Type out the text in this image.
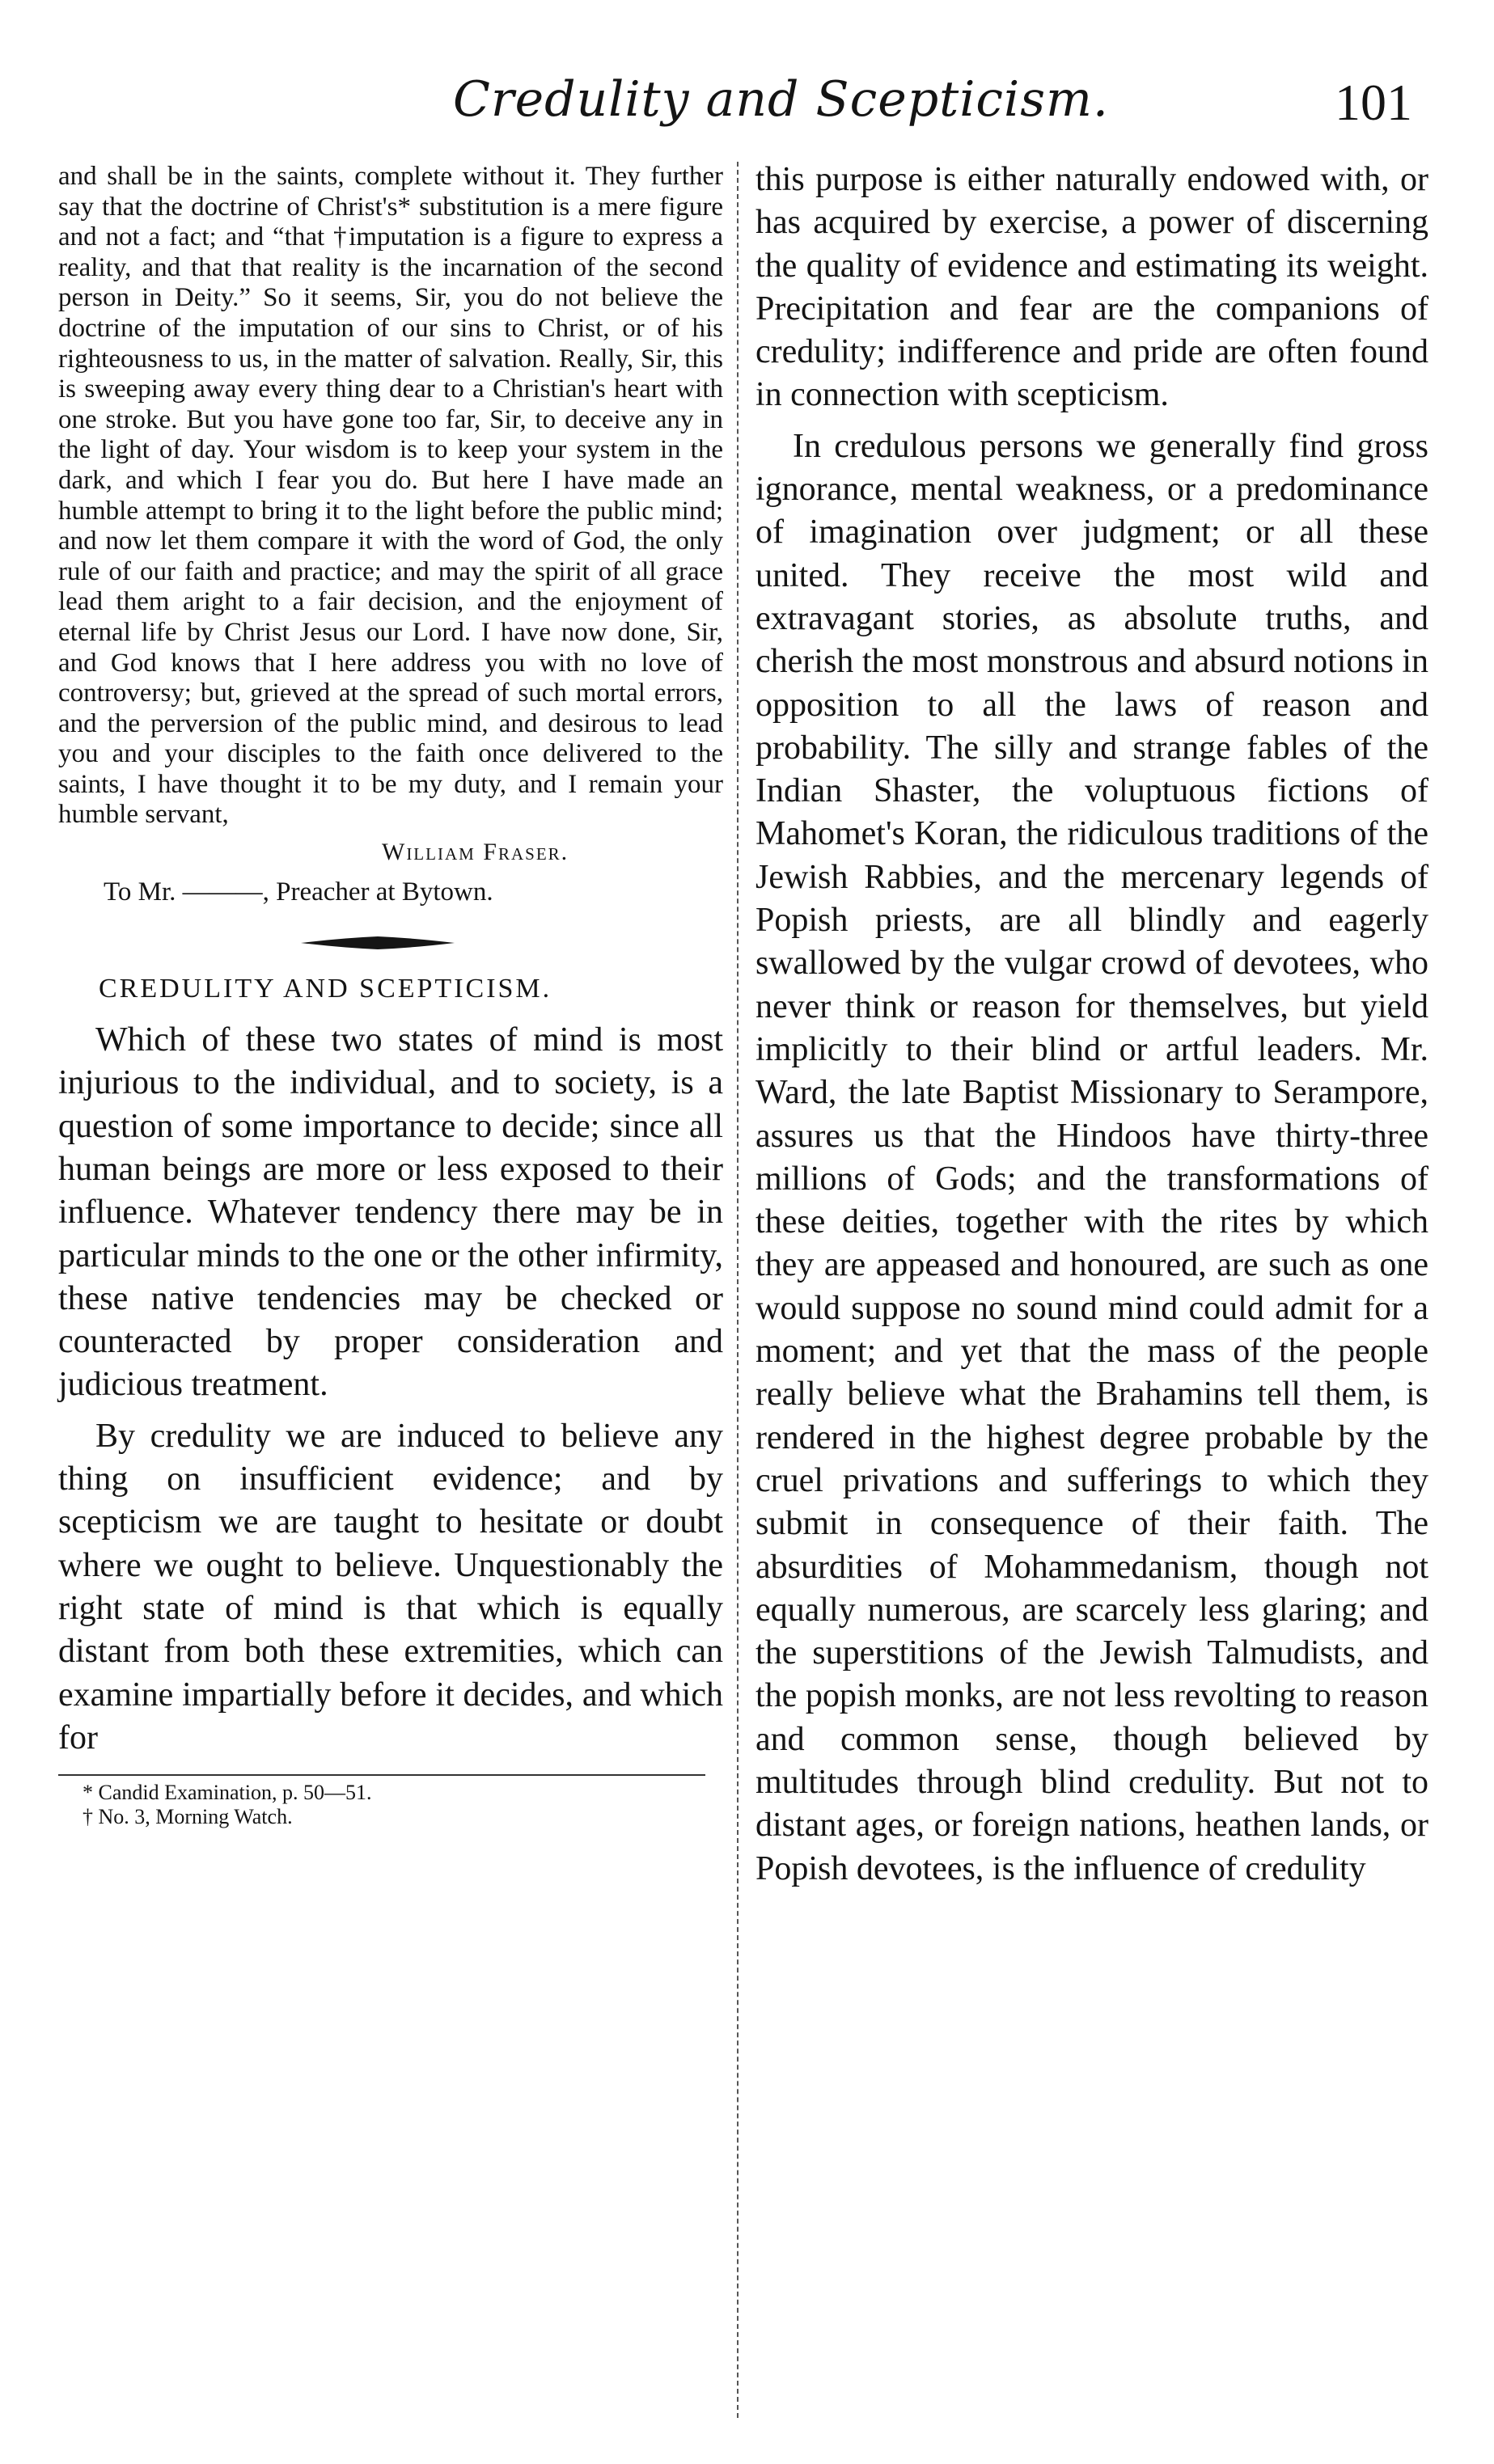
Credulity and Scepticism.	101

and shall be in the saints, complete without it. They further say that the doctrine of Christ's* substitution is a mere figure and not a fact; and “that †imputation is a figure to express a reality, and that that reality is the incarnation of the second person in Deity.” So it seems, Sir, you do not believe the doctrine of the imputation of our sins to Christ, or of his righteousness to us, in the matter of salvation. Really, Sir, this is sweeping away every thing dear to a Christian's heart with one stroke. But you have gone too far, Sir, to deceive any in the light of day. Your wisdom is to keep your system in the dark, and which I fear you do. But here I have made an humble attempt to bring it to the light before the public mind; and now let them compare it with the word of God, the only rule of our faith and practice; and may the spirit of all grace lead them aright to a fair decision, and the enjoyment of eternal life by Christ Jesus our Lord. I have now done, Sir, and God knows that I here address you with no love of controversy; but, grieved at the spread of such mortal errors, and the perversion of the public mind, and desirous to lead you and your disciples to the faith once delivered to the saints, I have thought it to be my duty, and I remain your humble servant,

William Fraser.
To Mr. ———, Preacher at Bytown.
CREDULITY AND SCEPTICISM.

Which of these two states of mind is most injurious to the individual, and to society, is a question of some importance to decide; since all human beings are more or less exposed to their influence. Whatever tendency there may be in particular minds to the one or the other infirmity, these native tendencies may be checked or counteracted by proper consideration and judicious treatment.

By credulity we are induced to believe any thing on insufficient evidence; and by scepticism we are taught to hesitate or doubt where we ought to believe. Unquestionably the right state of mind is that which is equally distant from both these extremities, which can examine impartially before it decides, and which for

* Candid Examination, p. 50—51.
† No. 3, Morning Watch.

this purpose is either naturally endowed with, or has acquired by exercise, a power of discerning the quality of evidence and estimating its weight. Precipitation and fear are the companions of credulity; indifference and pride are often found in connection with scepticism.

In credulous persons we generally find gross ignorance, mental weakness, or a predominance of imagination over judgment; or all these united. They receive the most wild and extravagant stories, as absolute truths, and cherish the most monstrous and absurd notions in opposition to all the laws of reason and probability. The silly and strange fables of the Indian Shaster, the voluptuous fictions of Mahomet's Koran, the ridiculous traditions of the Jewish Rabbies, and the mercenary legends of Popish priests, are all blindly and eagerly swallowed by the vulgar crowd of devotees, who never think or reason for themselves, but yield implicitly to their blind or artful leaders. Mr. Ward, the late Baptist Missionary to Serampore, assures us that the Hindoos have thirty-three millions of Gods; and the transformations of these deities, together with the rites by which they are appeased and honoured, are such as one would suppose no sound mind could admit for a moment; and yet that the mass of the people really believe what the Brahamins tell them, is rendered in the highest degree probable by the cruel privations and sufferings to which they submit in consequence of their faith. The absurdities of Mohammedanism, though not equally numerous, are scarcely less glaring; and the superstitions of the Jewish Talmudists, and the popish monks, are not less revolting to reason and common sense, though believed by multitudes through blind credulity. But not to distant ages, or foreign nations, heathen lands, or Popish devotees, is the influence of credulity
